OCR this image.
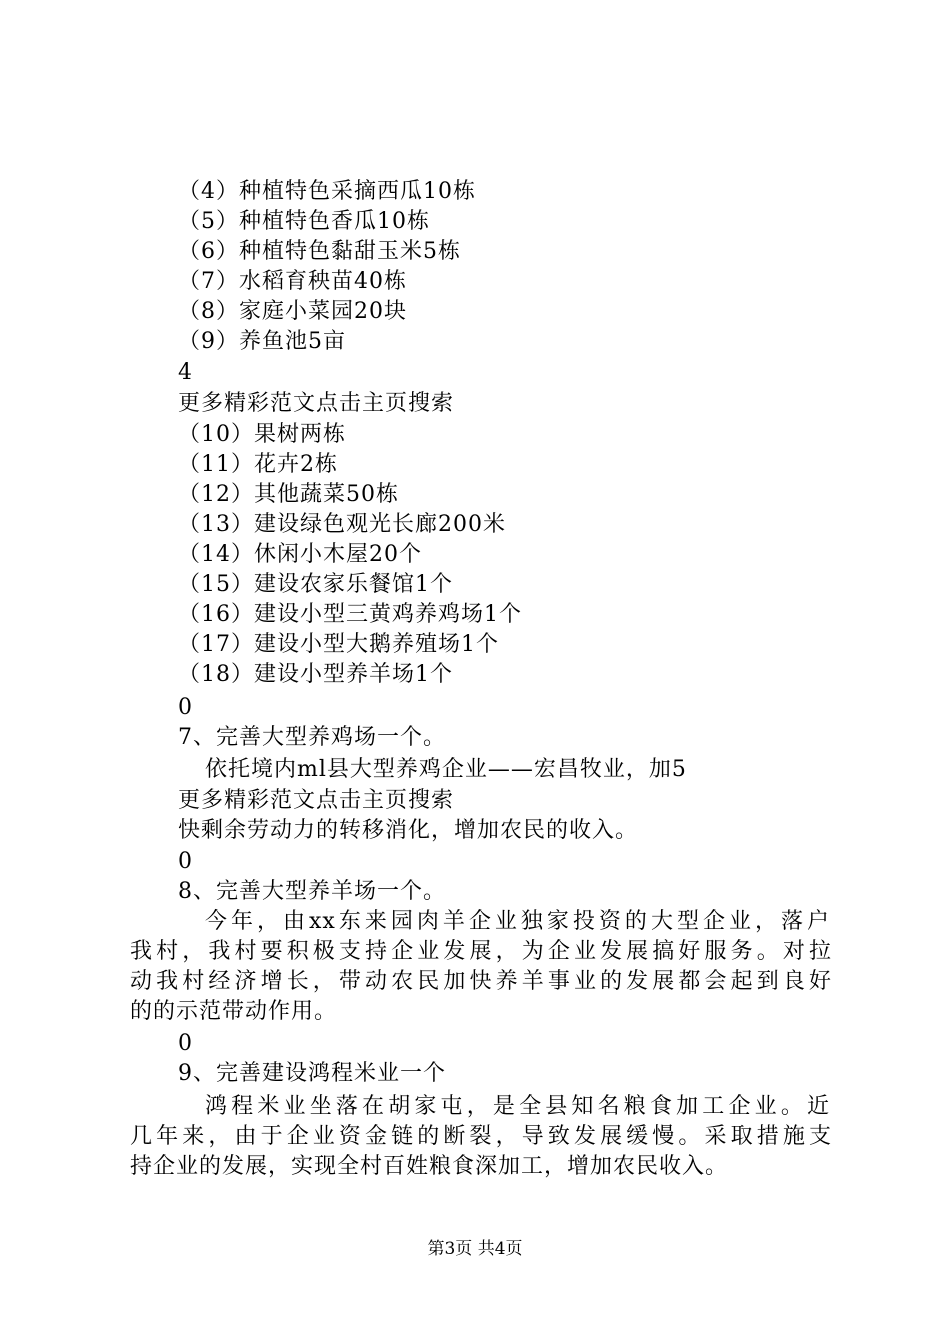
（4）种植特色采摘西瓜10栋
（5）种植特色香瓜10栋
（6）种植特色黏甜玉米5栋
（7）水稻育秧苗40栋
（8）家庭小菜园20块
（9）养鱼池5亩
4
更多精彩范文点击主页搜索
（10）果树两栋
（11）花卉2栋
（12）其他蔬菜50栋
（13）建设绿色观光长廊200米
（14）休闲小木屋20个
（15）建设农家乐餐馆1个
（16）建设小型三黄鸡养鸡场1个
（17）建设小型大鹅养殖场1个
（18）建设小型养羊场1个
0
7、完善大型养鸡场一个。
依托境内ml县大型养鸡企业——宏昌牧业，加5
更多精彩范文点击主页搜索
快剩余劳动力的转移消化，增加农民的收入。
0
8、完善大型养羊场一个。
今年，由xx东来园肉羊企业独家投资的大型企业，落户
我村，我村要积极支持企业发展，为企业发展搞好服务。对拉
动我村经济增长，带动农民加快养羊事业的发展都会起到良好
的的示范带动作用。
0
9、完善建设鸿程米业一个
鸿程米业坐落在胡家屯，是全县知名粮食加工企业。近
几年来，由于企业资金链的断裂，导致发展缓慢。采取措施支
持企业的发展，实现全村百姓粮食深加工，增加农民收入。
第3页 共4页
